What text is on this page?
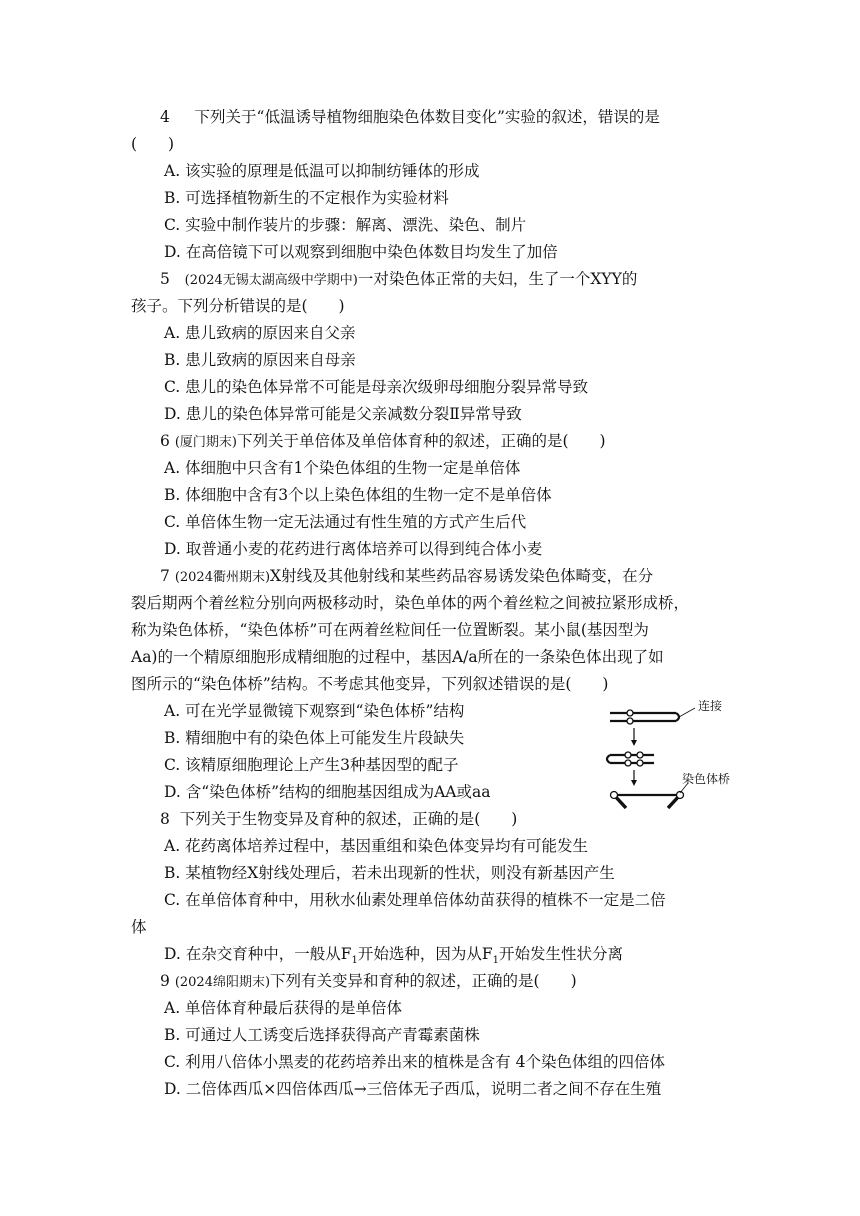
4 下列关于“低温诱导植物细胞染色体数目变化”实验的叙述，错误的是
(　　)
A. 该实验的原理是低温可以抑制纺锤体的形成
B. 可选择植物新生的不定根作为实验材料
C. 实验中制作装片的步骤：解离、漂洗、染色、制片
D. 在高倍镜下可以观察到细胞中染色体数目均发生了加倍
5 (2024无锡太湖高级中学期中)一对染色体正常的夫妇，生了一个XYY的
孩子。下列分析错误的是(　　)
A. 患儿致病的原因来自父亲
B. 患儿致病的原因来自母亲
C. 患儿的染色体异常不可能是母亲次级卵母细胞分裂异常导致
D. 患儿的染色体异常可能是父亲减数分裂Ⅱ异常导致
6 (厦门期末)下列关于单倍体及单倍体育种的叙述，正确的是(　　)
A. 体细胞中只含有1个染色体组的生物一定是单倍体
B. 体细胞中含有3个以上染色体组的生物一定不是单倍体
C. 单倍体生物一定无法通过有性生殖的方式产生后代
D. 取普通小麦的花药进行离体培养可以得到纯合体小麦
7 (2024衢州期末)X射线及其他射线和某些药品容易诱发染色体畸变，在分
裂后期两个着丝粒分别向两极移动时，染色单体的两个着丝粒之间被拉紧形成桥，
称为染色体桥，“染色体桥”可在两着丝粒间任一位置断裂。某小鼠(基因型为
Aa)的一个精原细胞形成精细胞的过程中，基因A/a所在的一条染色体出现了如
图所示的“染色体桥”结构。不考虑其他变异，下列叙述错误的是(　　)
A. 可在光学显微镜下观察到“染色体桥”结构
B. 精细胞中有的染色体上可能发生片段缺失
C. 该精原细胞理论上产生3种基因型的配子
D. 含“染色体桥”结构的细胞基因组成为AA或aa
连接
染色体桥
8 下列关于生物变异及育种的叙述，正确的是(　　)
A. 花药离体培养过程中，基因重组和染色体变异均有可能发生
B. 某植物经X射线处理后，若未出现新的性状，则没有新基因产生
C. 在单倍体育种中，用秋水仙素处理单倍体幼苗获得的植株不一定是二倍
体
D. 在杂交育种中，一般从$F_1$开始选种，因为从$F_1$开始发生性状分离
9 (2024绵阳期末)下列有关变异和育种的叙述，正确的是(　　)
A. 单倍体育种最后获得的是单倍体
B. 可通过人工诱变后选择获得高产青霉素菌株
C. 利用八倍体小黑麦的花药培养出来的植株是含有 4个染色体组的四倍体
D. 二倍体西瓜×四倍体西瓜→三倍体无子西瓜，说明二者之间不存在生殖
